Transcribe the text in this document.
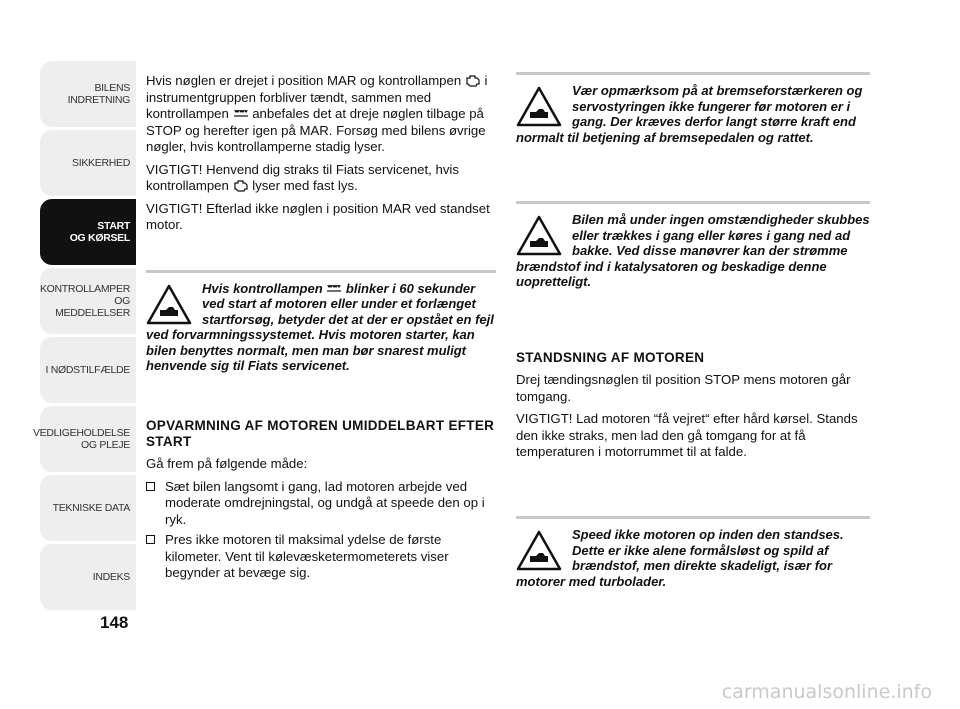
BILENS
INDRETNING
SIKKERHED
START
OG KØRSEL
KONTROLLAMPER
OG MEDDELELSER
I NØDSTILFÆLDE
VEDLIGEHOLDELSE
OG PLEJE
TEKNISKE DATA
INDEKS
148

Hvis nøglen er drejet i position MAR og kontrollampen i instrumentgruppen forbliver tændt, sammen med kontrollampen anbefales det at dreje nøglen tilbage på STOP og herefter igen på MAR. Forsøg med bilens øvrige nøgler, hvis kontrollamperne stadig lyser.

VIGTIGT! Henvend dig straks til Fiats servicenet, hvis kontrollampen lyser med fast lys.

VIGTIGT! Efterlad ikke nøglen i position MAR ved standset motor.

Hvis kontrollampen blinker i 60 sekunder ved start af motoren eller under et forlænget startforsøg, betyder det at der er opstået en fejl ved forvarmningssystemet. Hvis motoren starter, kan bilen benyttes normalt, men man bør snarest muligt henvende sig til Fiats servicenet.

OPVARMNING AF MOTOREN UMIDDELBART EFTER START

Gå frem på følgende måde:

Sæt bilen langsomt i gang, lad motoren arbejde ved moderate omdrejningstal, og undgå at speede den op i ryk.
Pres ikke motoren til maksimal ydelse de første kilometer. Vent til kølevæsketermometerets viser begynder at bevæge sig.

Vær opmærksom på at bremseforstærkeren og servostyringen ikke fungerer før motoren er i gang. Der kræves derfor langt større kraft end normalt til betjening af bremsepedalen og rattet.

Bilen må under ingen omstændigheder skubbes eller trækkes i gang eller køres i gang ned ad bakke. Ved disse manøvrer kan der strømme brændstof ind i katalysatoren og beskadige denne uopretteligt.

STANDSNING AF MOTOREN

Drej tændingsnøglen til position STOP mens motoren går tomgang.

VIGTIGT! Lad motoren “få vejret“ efter hård kørsel. Stands den ikke straks, men lad den gå tomgang for at få temperaturen i motorrummet til at falde.

Speed ikke motoren op inden den standses. Dette er ikke alene formålsløst og spild af brændstof, men direkte skadeligt, især for motorer med turbolader.

carmanualsonline.info
